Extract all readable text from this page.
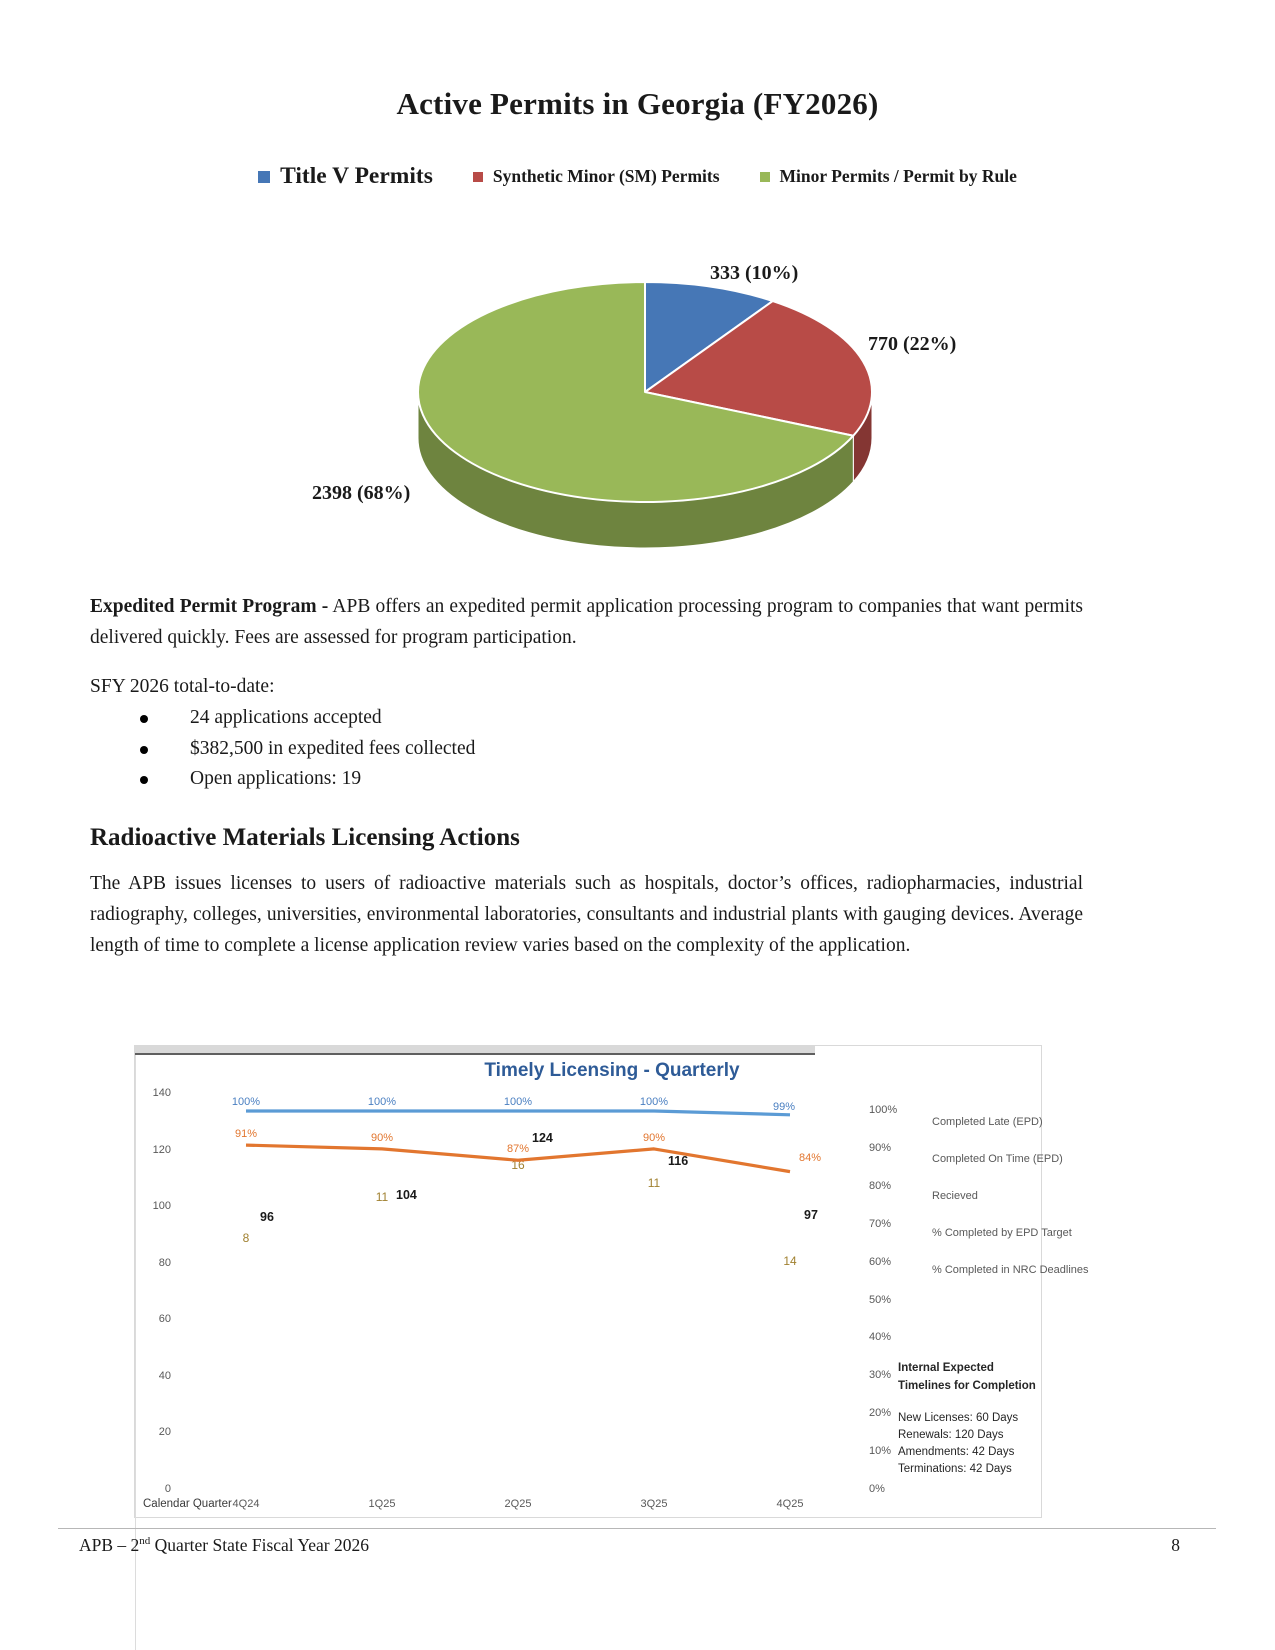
Active Permits in Georgia (FY2026)
Title V Permits	Synthetic Minor (SM) Permits	Minor Permits / Permit by Rule
333 (10%)
770 (22%)
2398 (68%)

Expedited Permit Program - APB offers an expedited permit application processing program to companies that want permits delivered quickly. Fees are assessed for program participation.

SFY 2026 total-to-date:

24 applications accepted
$382,500 in expedited fees collected
Open applications: 19
Radioactive Materials Licensing Actions

The APB issues licenses to users of radioactive materials such as hospitals, doctor’s offices, radiopharmacies, industrial radiography, colleges, universities, environmental laboratories, consultants and industrial plants with gauging devices. Average length of time to complete a license application review varies based on the complexity of the application.

Timely Licensing - Quarterly
0
20
40
60
80
100
120
140
0%
10%
20%
30%
40%
50%
60%
70%
80%
90%
100%
85
8
98
11
107
16
103
11
74
14
91%	90%
87%
90%
84%
100%	100%	100%	100%	99%
96
104
124
116
97
Calendar Quarter 4Q24	1Q25	2Q25	3Q25	4Q25
Completed Late (EPD)
Completed On Time (EPD)
Recieved
% Completed by EPD Target
% Completed in NRC Deadlines
Internal Expected
Timelines for Completion
New Licenses: 60 Days
Renewals: 120 Days
Amendments: 42 Days
Terminations: 42 Days
APB – 2nd Quarter State Fiscal Year 2026	8
